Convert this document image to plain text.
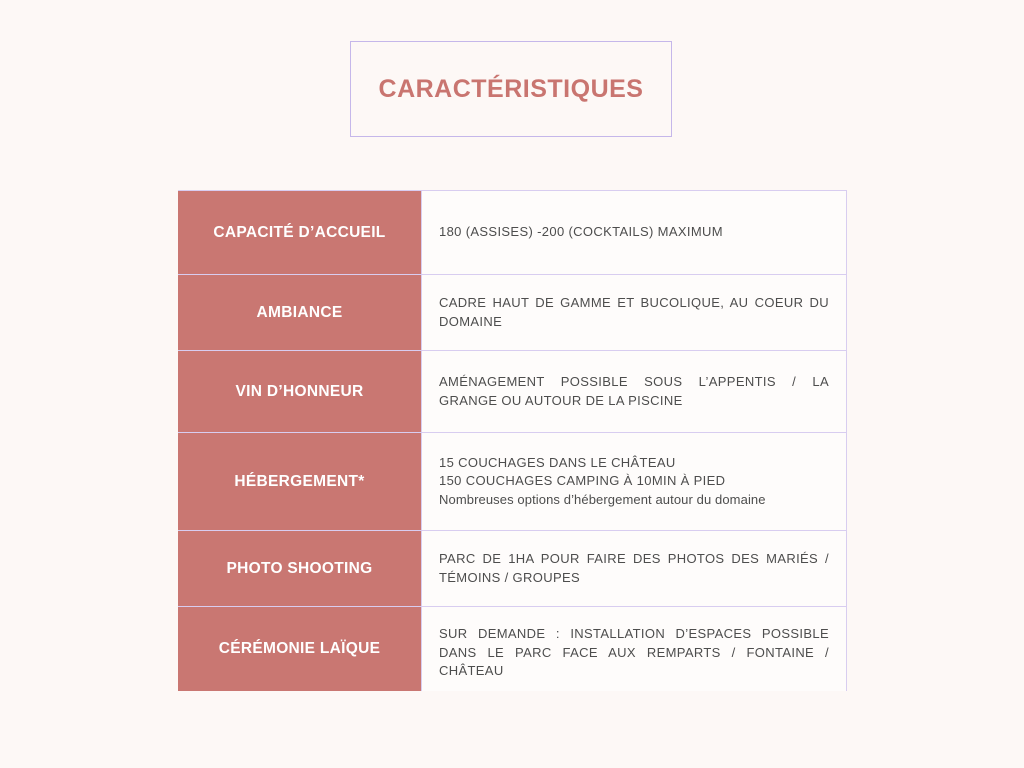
CARACTÉRISTIQUES
CAPACITÉ D’ACCUEIL	180 (ASSISES) -200 (COCKTAILS) MAXIMUM
AMBIANCE
CADRE HAUT DE GAMME ET BUCOLIQUE, AU COEUR DU DOMAINE
VIN D’HONNEUR
AMÉNAGEMENT POSSIBLE SOUS L’APPENTIS / LA GRANGE OU AUTOUR DE LA PISCINE
HÉBERGEMENT*
15 COUCHAGES DANS LE CHÂTEAU
150 COUCHAGES CAMPING À 10MIN À PIED
Nombreuses options d’hébergement autour du domaine
PHOTO SHOOTING
PARC DE 1HA POUR FAIRE DES PHOTOS DES MARIÉS / TÉMOINS / GROUPES
CÉRÉMONIE LAÏQUE
SUR DEMANDE : INSTALLATION D’ESPACES POSSIBLE DANS LE PARC FACE AUX REMPARTS / FONTAINE / CHÂTEAU
